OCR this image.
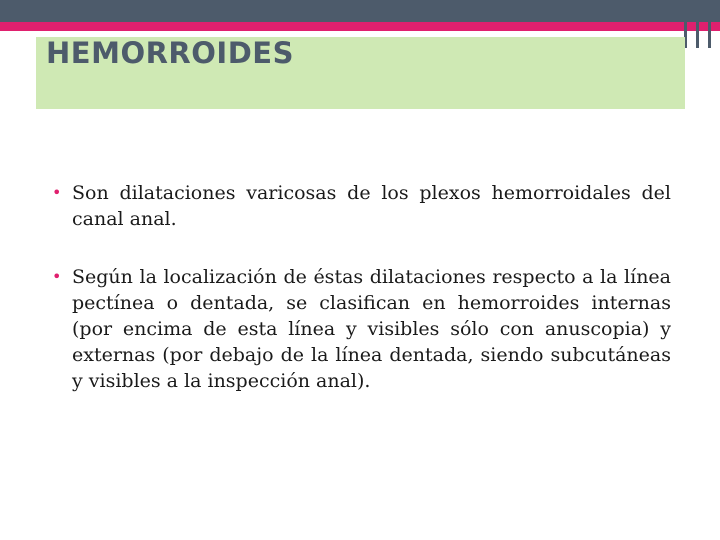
HEMORROIDES
• Son dilataciones varicosas de los plexos hemorroidales del canal anal.
• Según la localización de éstas dilataciones respecto a la línea pectínea o dentada, se clasifican en hemorroides internas (por encima de esta línea y visibles sólo con anuscopia) y externas (por debajo de la línea dentada, siendo subcutáneas y visibles a la inspección anal).
